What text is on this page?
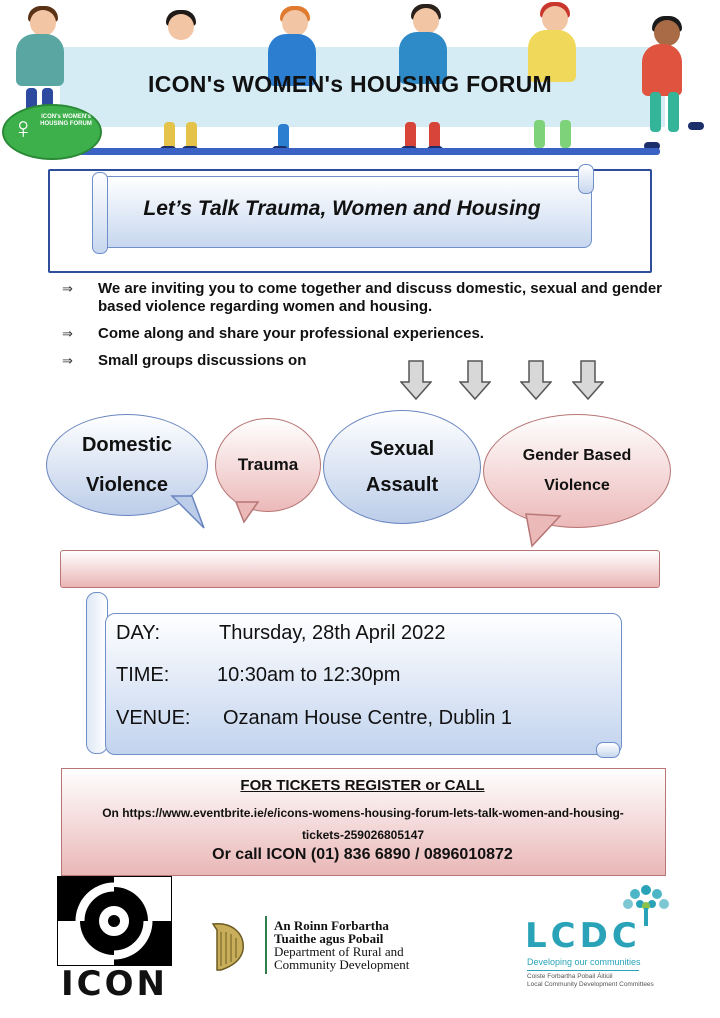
ICON's WOMEN's HOUSING FORUM
♀	ICON's WOMEN's HOUSING FORUM
Let’s Talk Trauma, Women and Housing
⇒ We are inviting you to come together and discuss domestic, sexual and gender based violence regarding women and housing.
⇒ Come along and share your professional experiences.
⇒ Small groups discussions on
Domestic
Violence
Trauma
Sexual
Assault
Gender Based
Violence
DAY:	Thursday, 28th April 2022
TIME: 10:30am to 12:30pm
VENUE: Ozanam House Centre, Dublin 1
FOR TICKETS REGISTER or CALL
On https://www.eventbrite.ie/e/icons-womens-housing-forum-lets-talk-women-and-housing-
tickets-259026805147
Or call ICON (01) 836 6890 / 0896010872
ICON
An Roinn Forbartha
Tuaithe agus Pobail
Department of Rural and
Community Development
LCDC
Developing our communities
Coiste Forbartha Pobail Áitiúil
Local Community Development Committees
